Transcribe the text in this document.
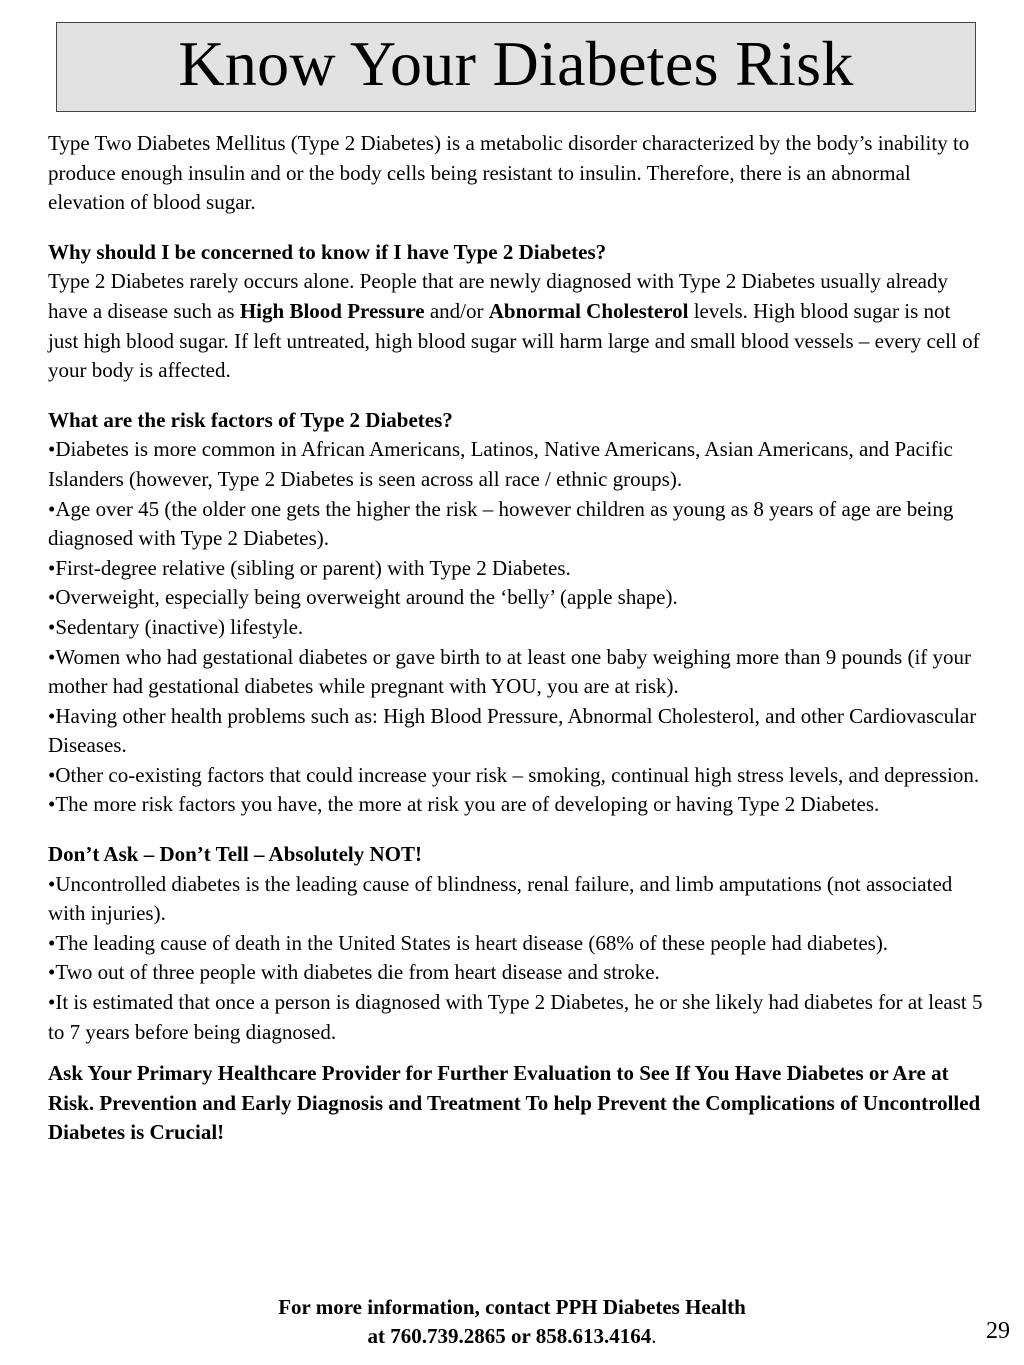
Know Your Diabetes Risk

Type Two Diabetes Mellitus (Type 2 Diabetes) is a metabolic disorder characterized by the body’s inability to produce enough insulin and or the body cells being resistant to insulin. Therefore, there is an abnormal elevation of blood sugar.

Why should I be concerned to know if I have Type 2 Diabetes?

Type 2 Diabetes rarely occurs alone. People that are newly diagnosed with Type 2 Diabetes usually already have a disease such as High Blood Pressure and/or Abnormal Cholesterol levels. High blood sugar is not just high blood sugar. If left untreated, high blood sugar will harm large and small blood vessels – every cell of your body is affected.

What are the risk factors of Type 2 Diabetes?

•Diabetes is more common in African Americans, Latinos, Native Americans, Asian Americans, and Pacific Islanders (however, Type 2 Diabetes is seen across all race / ethnic groups).
•Age over 45 (the older one gets the higher the risk – however children as young as 8 years of age are being diagnosed with Type 2 Diabetes).
•First-degree relative (sibling or parent) with Type 2 Diabetes.
•Overweight, especially being overweight around the ‘belly’ (apple shape).
•Sedentary (inactive) lifestyle.
•Women who had gestational diabetes or gave birth to at least one baby weighing more than 9 pounds (if your mother had gestational diabetes while pregnant with YOU, you are at risk).
•Having other health problems such as: High Blood Pressure, Abnormal Cholesterol, and other Cardiovascular Diseases.
•Other co-existing factors that could increase your risk – smoking, continual high stress levels, and depression.
•The more risk factors you have, the more at risk you are of developing or having Type 2 Diabetes.

Don’t Ask – Don’t Tell – Absolutely NOT!

•Uncontrolled diabetes is the leading cause of blindness, renal failure, and limb amputations (not associated with injuries).
•The leading cause of death in the United States is heart disease (68% of these people had diabetes).
•Two out of three people with diabetes die from heart disease and stroke.
•It is estimated that once a person is diagnosed with Type 2 Diabetes, he or she likely had diabetes for at least 5 to 7 years before being diagnosed.

Ask Your Primary Healthcare Provider for Further Evaluation to See If You Have Diabetes or Are at Risk. Prevention and Early Diagnosis and Treatment To help Prevent the Complications of Uncontrolled Diabetes is Crucial!

For more information, contact PPH Diabetes Health
at 760.739.2865 or 858.613.4164.	29
